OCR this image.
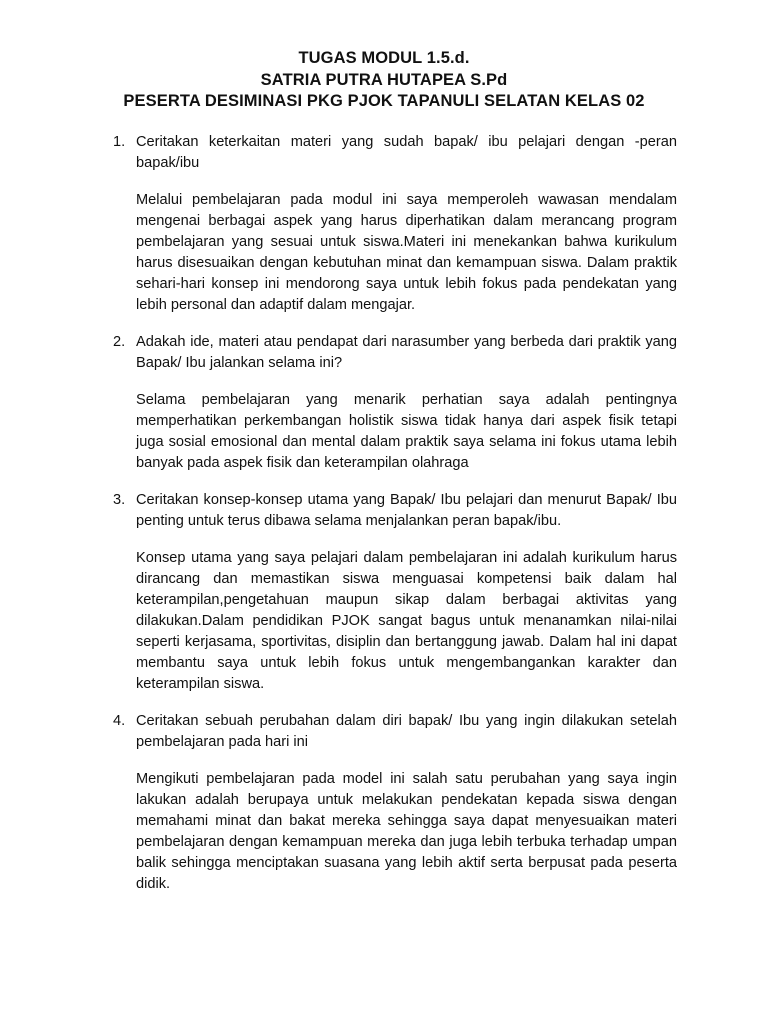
TUGAS MODUL 1.5.d.
SATRIA PUTRA HUTAPEA S.Pd
PESERTA DESIMINASI PKG PJOK TAPANULI SELATAN KELAS 02
1. Ceritakan keterkaitan materi yang sudah bapak/ ibu pelajari dengan -peran bapak/ibu
Melalui pembelajaran pada modul ini saya memperoleh wawasan mendalam mengenai berbagai aspek yang harus diperhatikan dalam merancang program pembelajaran yang sesuai untuk siswa.Materi ini menekankan bahwa kurikulum harus disesuaikan dengan kebutuhan minat dan kemampuan siswa. Dalam praktik sehari-hari konsep ini mendorong saya untuk lebih fokus pada pendekatan yang lebih personal dan adaptif dalam mengajar.
2. Adakah ide, materi atau pendapat dari narasumber yang berbeda dari praktik yang Bapak/ Ibu jalankan selama ini?
Selama pembelajaran yang menarik perhatian saya adalah pentingnya memperhatikan perkembangan holistik siswa tidak hanya dari aspek fisik tetapi juga sosial emosional dan mental dalam praktik saya selama ini fokus utama lebih banyak pada aspek fisik dan keterampilan olahraga
3. Ceritakan konsep-konsep utama yang Bapak/ Ibu pelajari dan menurut Bapak/ Ibu penting untuk terus dibawa selama menjalankan peran bapak/ibu.
Konsep utama yang saya pelajari dalam pembelajaran ini adalah kurikulum harus dirancang dan memastikan siswa menguasai kompetensi baik dalam hal keterampilan,pengetahuan maupun sikap dalam berbagai aktivitas yang dilakukan.Dalam pendidikan PJOK sangat bagus untuk menanamkan nilai-nilai seperti kerjasama, sportivitas, disiplin dan bertanggung jawab. Dalam hal ini dapat membantu saya untuk lebih fokus untuk mengembangankan karakter dan keterampilan siswa.
4. Ceritakan sebuah perubahan dalam diri bapak/ Ibu yang ingin dilakukan setelah pembelajaran pada hari ini
Mengikuti pembelajaran pada model ini salah satu perubahan yang saya ingin lakukan adalah berupaya untuk melakukan pendekatan kepada siswa dengan memahami minat dan bakat mereka sehingga saya dapat menyesuaikan materi pembelajaran dengan kemampuan mereka dan juga lebih terbuka terhadap umpan balik sehingga menciptakan suasana yang lebih aktif serta berpusat pada peserta didik.
